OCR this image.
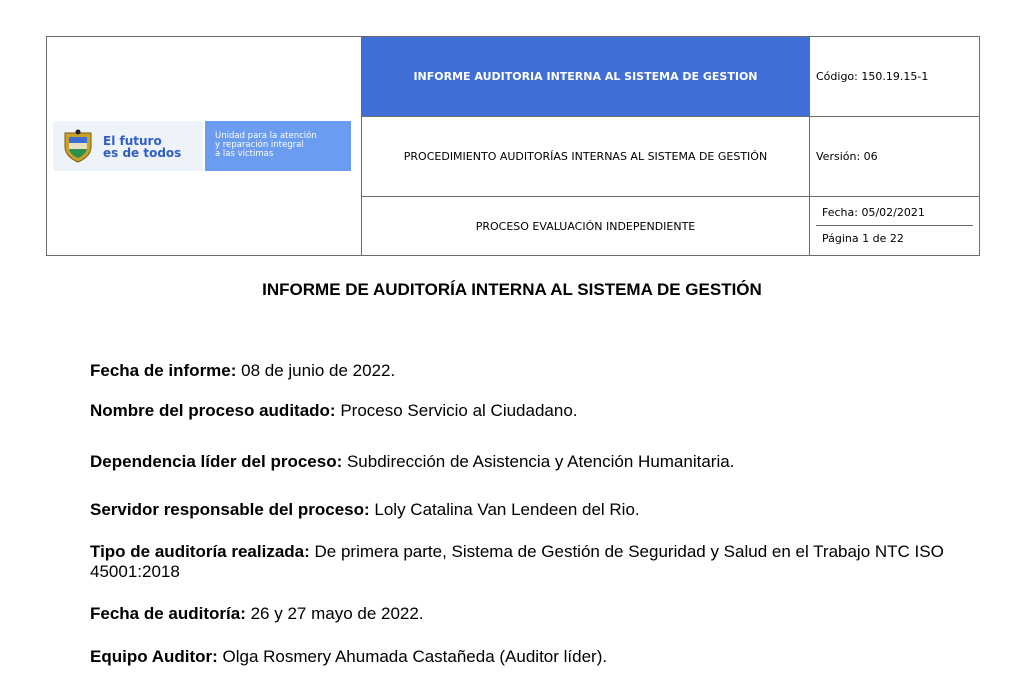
El futuro
es de todos
Unidad para la atención
y reparación integral
a las víctimas	INFORME AUDITORIA INTERNA AL SISTEMA DE GESTION	Código: 150.19.15-1
	PROCEDIMIENTO AUDITORÍAS INTERNAS AL SISTEMA DE GESTIÓN	Versión: 06
	PROCESO EVALUACIÓN INDEPENDIENTE	Fecha: 05/02/2021
Página 1 de 22
INFORME DE AUDITORÍA INTERNA AL SISTEMA DE GESTIÓN
Fecha de informe: 08 de junio de 2022.
Nombre del proceso auditado: Proceso Servicio al Ciudadano.
Dependencia líder del proceso: Subdirección de Asistencia y Atención Humanitaria.
Servidor responsable del proceso: Loly Catalina Van Lendeen del Rio.
Tipo de auditoría realizada: De primera parte, Sistema de Gestión de Seguridad y Salud en el Trabajo NTC ISO 45001:2018
Fecha de auditoría: 26 y 27 mayo de 2022.
Equipo Auditor: Olga Rosmery Ahumada Castañeda (Auditor líder).
